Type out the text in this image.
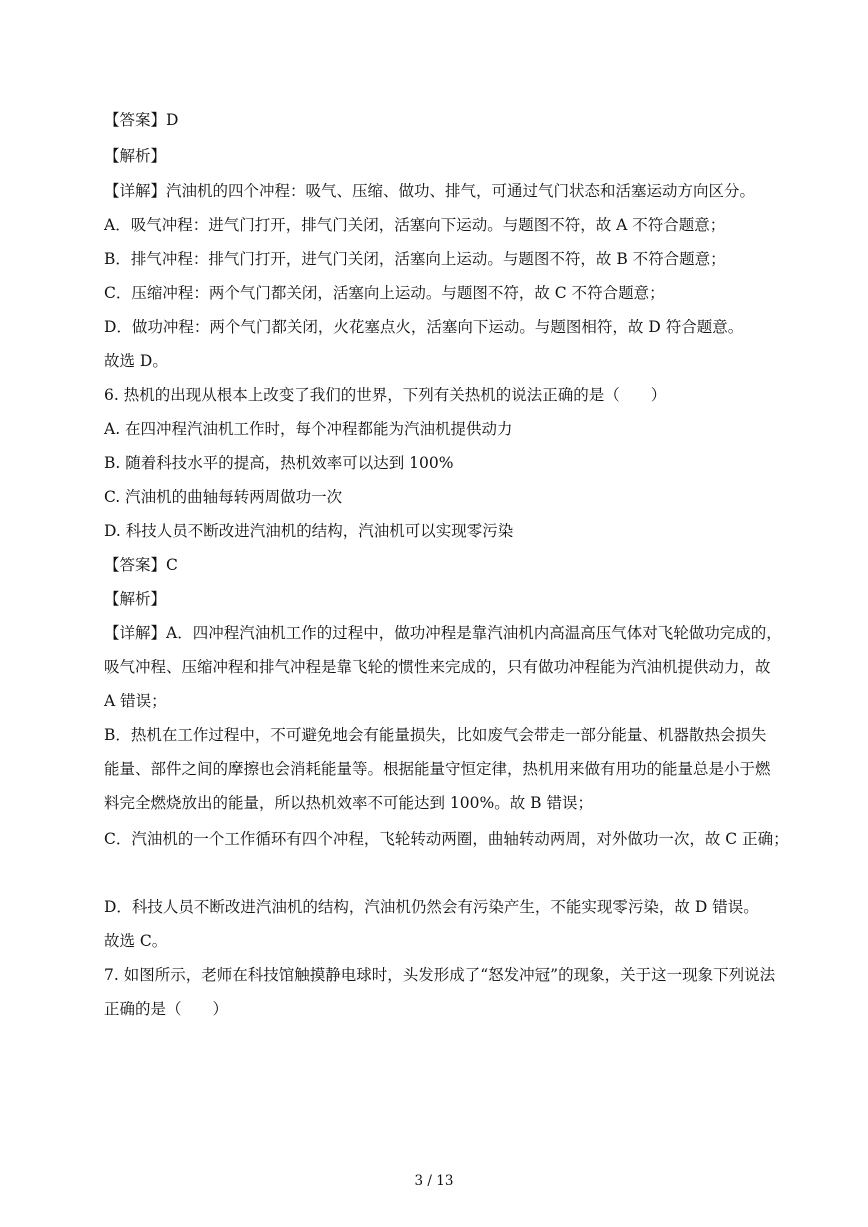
【答案】D
【解析】
【详解】汽油机的四个冲程：吸气、压缩、做功、排气，可通过气门状态和活塞运动方向区分。
A．吸气冲程：进气门打开，排气门关闭，活塞向下运动。与题图不符，故 A 不符合题意；
B．排气冲程：排气门打开，进气门关闭，活塞向上运动。与题图不符，故 B 不符合题意；
C．压缩冲程：两个气门都关闭，活塞向上运动。与题图不符，故 C 不符合题意；
D．做功冲程：两个气门都关闭，火花塞点火，活塞向下运动。与题图相符，故 D 符合题意。
故选 D。
6. 热机的出现从根本上改变了我们的世界，下列有关热机的说法正确的是（　　）
A. 在四冲程汽油机工作时，每个冲程都能为汽油机提供动力
B. 随着科技水平的提高，热机效率可以达到 100%
C. 汽油机的曲轴每转两周做功一次
D. 科技人员不断改进汽油机的结构，汽油机可以实现零污染
【答案】C
【解析】
【详解】A．四冲程汽油机工作的过程中，做功冲程是靠汽油机内高温高压气体对飞轮做功完成的，
吸气冲程、压缩冲程和排气冲程是靠飞轮的惯性来完成的，只有做功冲程能为汽油机提供动力，故
A 错误；
B．热机在工作过程中，不可避免地会有能量损失，比如废气会带走一部分能量、机器散热会损失
能量、部件之间的摩擦也会消耗能量等。根据能量守恒定律，热机用来做有用功的能量总是小于燃
料完全燃烧放出的能量，所以热机效率不可能达到 100%。故 B 错误；
C．汽油机的一个工作循环有四个冲程，飞轮转动两圈，曲轴转动两周，对外做功一次，故 C 正确；
D．科技人员不断改进汽油机的结构，汽油机仍然会有污染产生，不能实现零污染，故 D 错误。
故选 C。
7. 如图所示，老师在科技馆触摸静电球时，头发形成了“怒发冲冠”的现象，关于这一现象下列说法
正确的是（　　）
3 / 13
